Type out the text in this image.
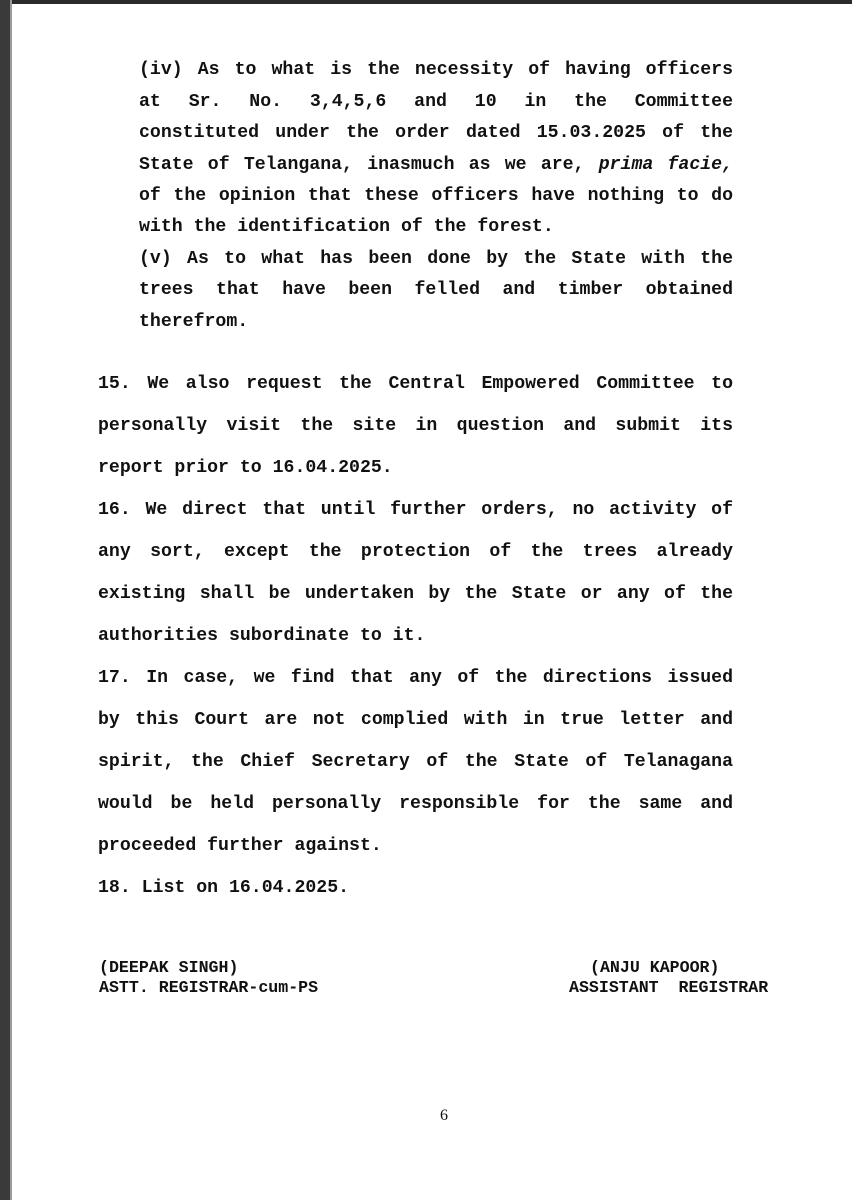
(iv) As to what is the necessity of having officers
at Sr. No. 3,4,5,6 and 10 in the Committee
constituted under the order dated 15.03.2025 of the
State of Telangana, inasmuch as we are, prima facie,
of the opinion that these officers have nothing to do
with the identification of the forest.
(v) As to what has been done by the State with the
trees that have been felled and timber obtained
therefrom.
15. We also request the Central Empowered Committee to
personally visit the site in question and submit its
report prior to 16.04.2025.
16. We direct that until further orders, no activity of
any sort, except the protection of the trees already
existing shall be undertaken by the State or any of the
authorities subordinate to it.
17. In case, we find that any of the directions issued
by this Court are not complied with in true letter and
spirit, the Chief Secretary of the State of Telanagana
would be held personally responsible for the same and
proceeded further against.
18. List on 16.04.2025.
(DEEPAK SINGH)
ASTT. REGISTRAR-cum-PS
(ANJU KAPOOR)
ASSISTANT  REGISTRAR
6
